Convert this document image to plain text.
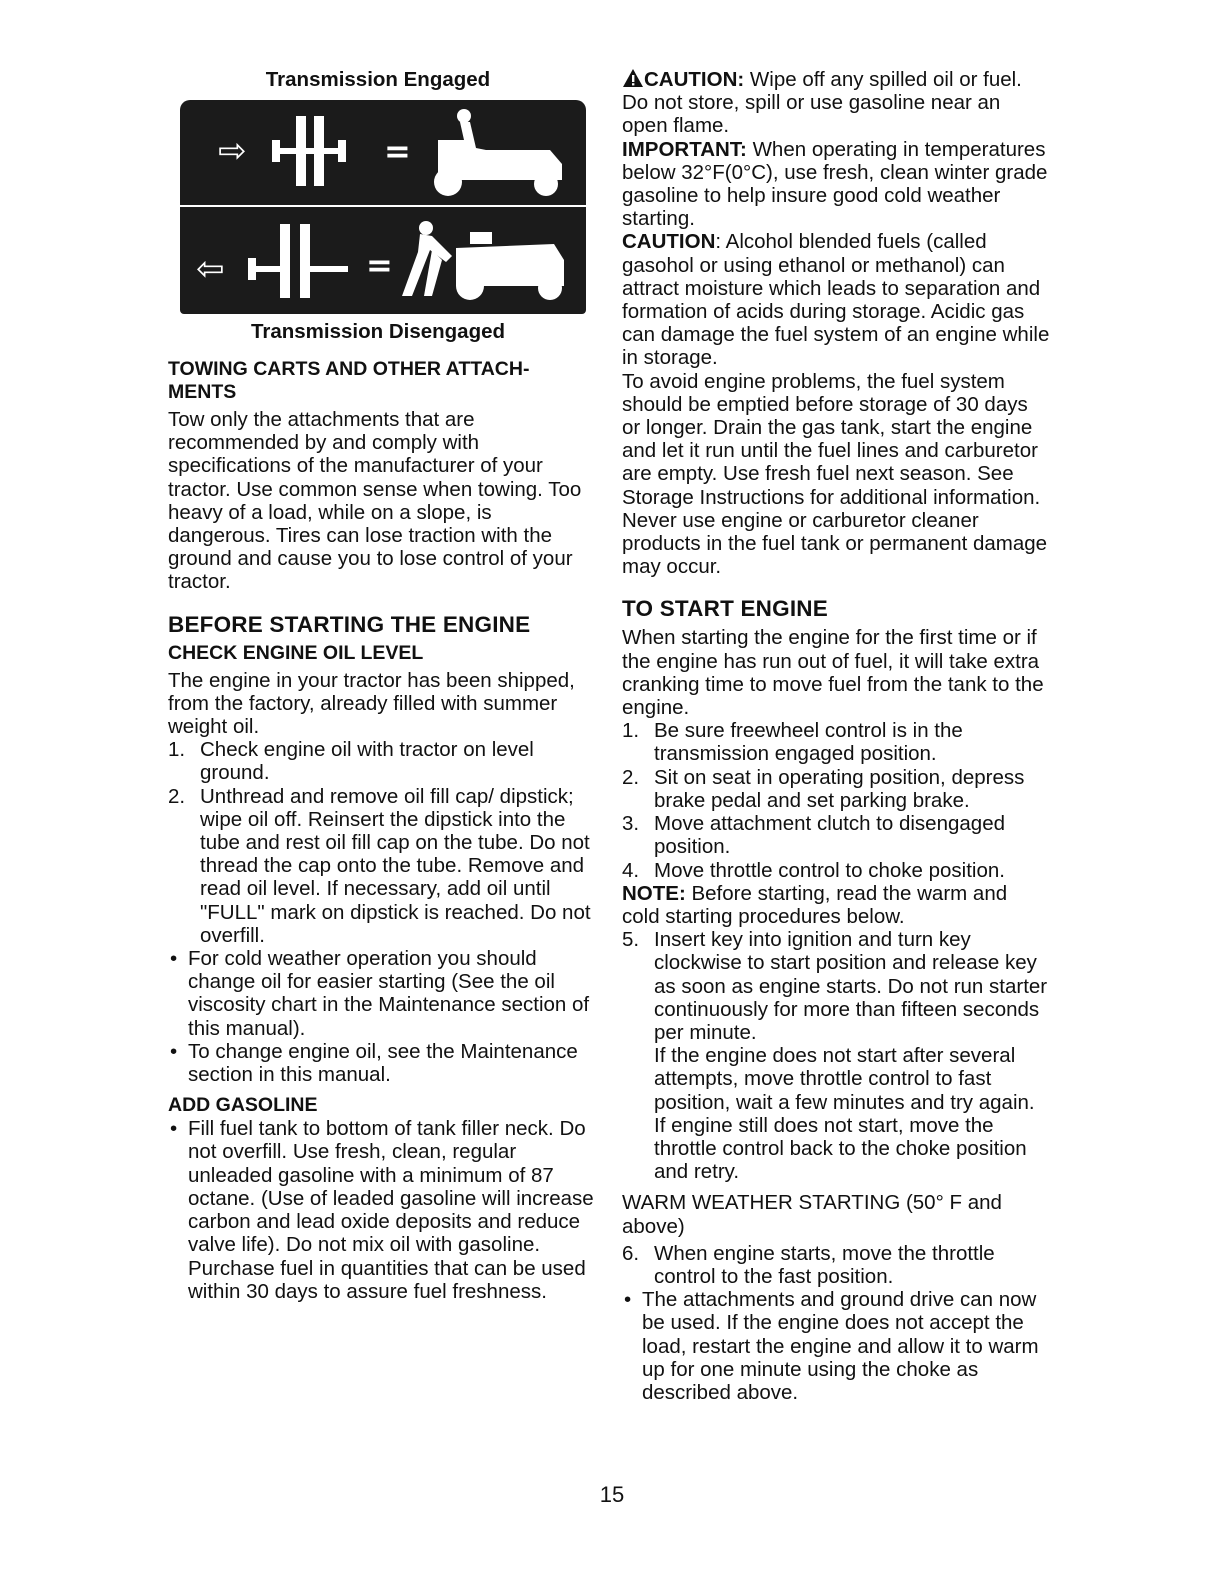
Transmission Engaged
⇨	=
⇦	=
Transmission Disengaged
TOWING CARTS AND OTHER ATTACH-MENTS

Tow only the attachments that are recommended by and comply with specifications of the manufacturer of your tractor. Use common sense when towing. Too heavy of a load, while on a slope, is dangerous. Tires can lose traction with the ground and cause you to lose control of your tractor.

BEFORE STARTING THE ENGINE
CHECK ENGINE OIL LEVEL

The engine in your tractor has been shipped, from the factory, already filled with summer weight oil.

1. Check engine oil with tractor on level ground.
2. Unthread and remove oil fill cap/ dipstick; wipe oil off. Reinsert the dipstick into the tube and rest oil fill cap on the tube. Do not thread the cap onto the tube. Remove and read oil level. If necessary, add oil until "FULL" mark on dipstick is reached. Do not overfill.
• For cold weather operation you should change oil for easier starting (See the oil viscosity chart in the Maintenance section of this manual).
• To change engine oil, see the Maintenance section in this manual.
ADD GASOLINE
• Fill fuel tank to bottom of tank filler neck. Do not overfill. Use fresh, clean, regular unleaded gasoline with a minimum of 87 octane. (Use of leaded gasoline will increase carbon and lead oxide deposits and reduce valve life). Do not mix oil with gasoline. Purchase fuel in quantities that can be used within 30 days to assure fuel freshness.

CAUTION: Wipe off any spilled oil or fuel. Do not store, spill or use gasoline near an open flame.

IMPORTANT: When operating in temperatures below 32°F(0°C), use fresh, clean winter grade gasoline to help insure good cold weather starting.

CAUTION: Alcohol blended fuels (called gasohol or using ethanol or methanol) can attract moisture which leads to separation and formation of acids during storage. Acidic gas can damage the fuel system of an engine while in storage.

To avoid engine problems, the fuel system should be emptied before storage of 30 days or longer. Drain the gas tank, start the engine and let it run until the fuel lines and carburetor are empty. Use fresh fuel next season. See Storage Instructions for additional information.

Never use engine or carburetor cleaner products in the fuel tank or permanent damage may occur.

TO START ENGINE

When starting the engine for the first time or if the engine has run out of fuel, it will take extra cranking time to move fuel from the tank to the engine.

1. Be sure freewheel control is in the transmission engaged position.
2. Sit on seat in operating position, depress brake pedal and set parking brake.
3. Move attachment clutch to disengaged position.
4. Move throttle control to choke position.

NOTE: Before starting, read the warm and cold starting procedures below.

5. Insert key into ignition and turn key clockwise to start position and release key as soon as engine starts. Do not run starter continuously for more than fifteen seconds per minute.

If the engine does not start after several attempts, move throttle control to fast position, wait a few minutes and try again. If engine still does not start, move the throttle control back to the choke position and retry.

WARM WEATHER STARTING (50° F and above)

6. When engine starts, move the throttle control to the fast position.
• The attachments and ground drive can now be used. If the engine does not accept the load, restart the engine and allow it to warm up for one minute using the choke as described above.
15
